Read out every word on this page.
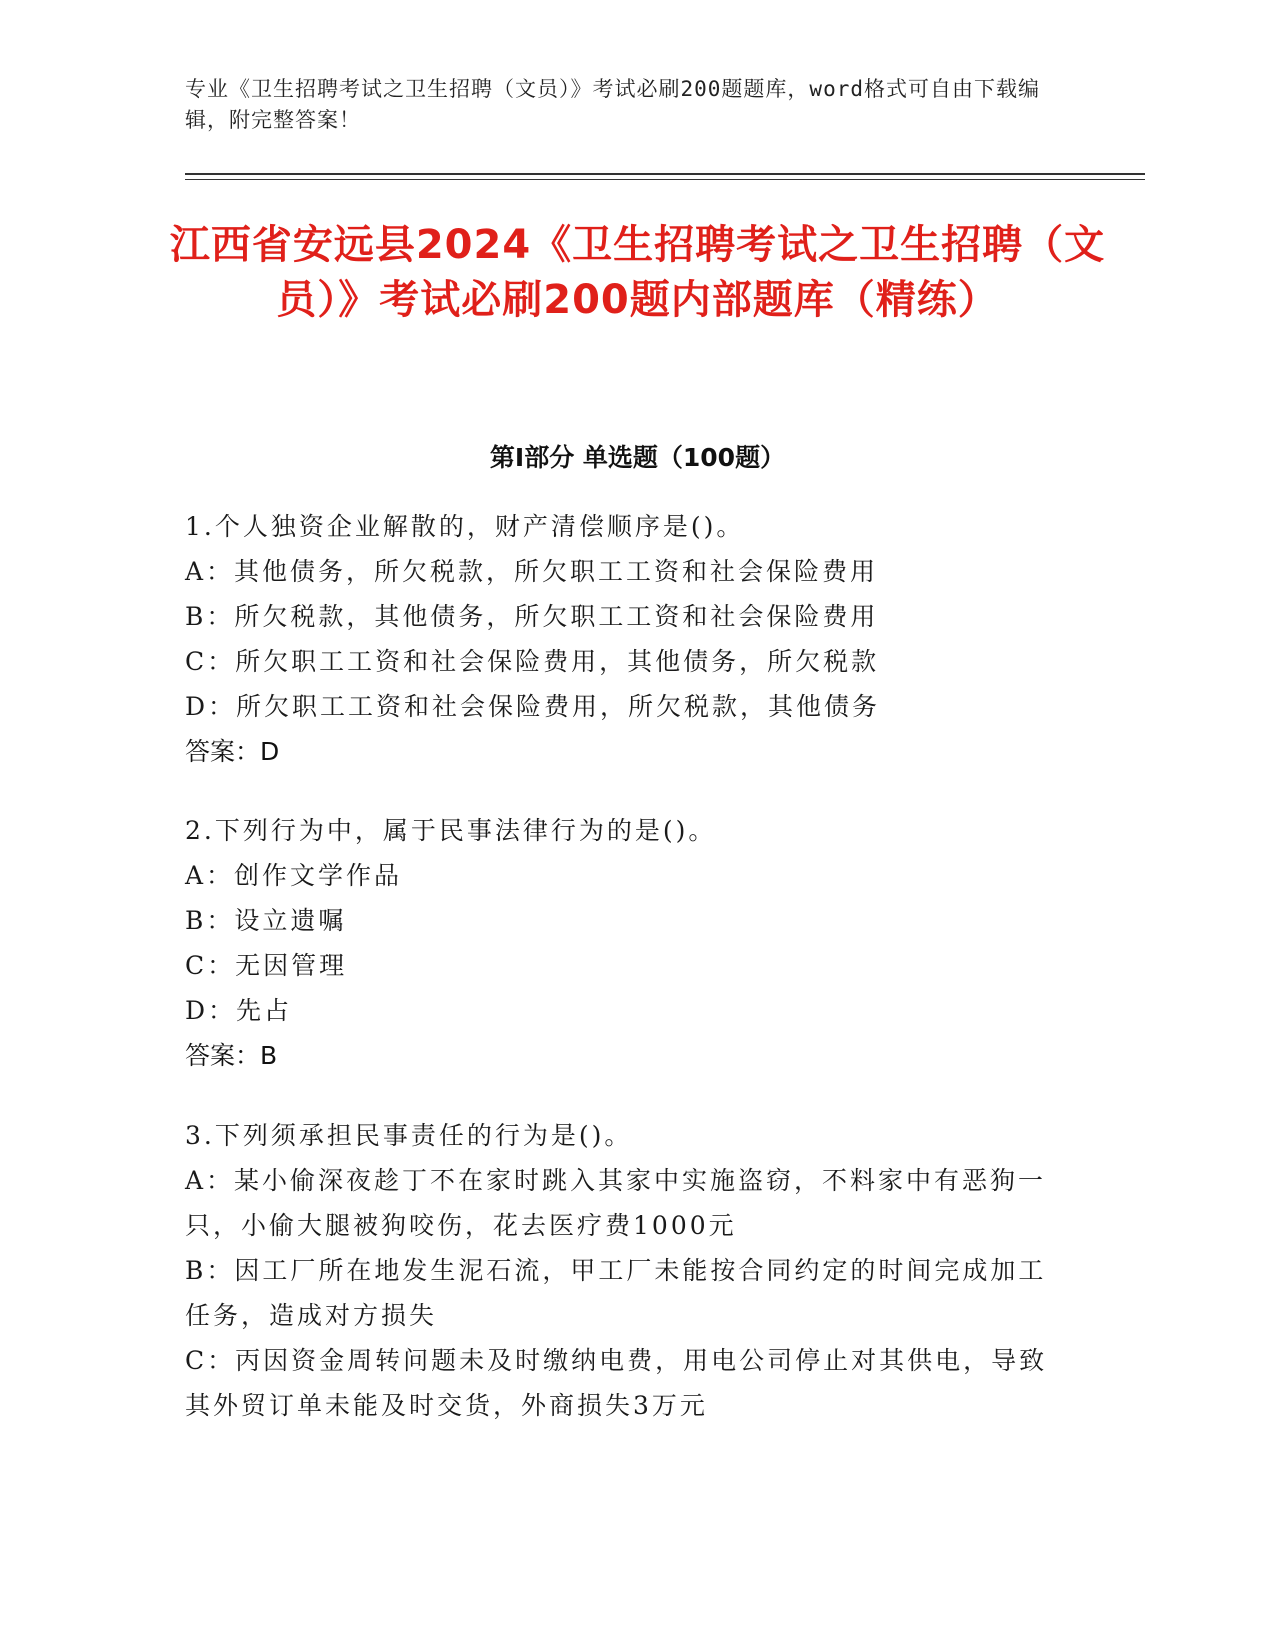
专业《卫生招聘考试之卫生招聘（文员）》考试必刷200题题库，word格式可自由下载编辑，附完整答案！
江西省安远县2024《卫生招聘考试之卫生招聘（文员）》考试必刷200题内部题库（精练）
第Ⅰ部分 单选题（100题）
1.个人独资企业解散的，财产清偿顺序是()。
A：其他债务，所欠税款，所欠职工工资和社会保险费用
B：所欠税款，其他债务，所欠职工工资和社会保险费用
C：所欠职工工资和社会保险费用，其他债务，所欠税款
D：所欠职工工资和社会保险费用，所欠税款，其他债务
答案：D
2.下列行为中，属于民事法律行为的是()。
A：创作文学作品
B：设立遗嘱
C：无因管理
D：先占
答案：B
3.下列须承担民事责任的行为是()。
A：某小偷深夜趁丁不在家时跳入其家中实施盗窃，不料家中有恶狗一只，小偷大腿被狗咬伤，花去医疗费1000元
B：因工厂所在地发生泥石流，甲工厂未能按合同约定的时间完成加工任务，造成对方损失
C：丙因资金周转问题未及时缴纳电费，用电公司停止对其供电，导致其外贸订单未能及时交货，外商损失3万元
